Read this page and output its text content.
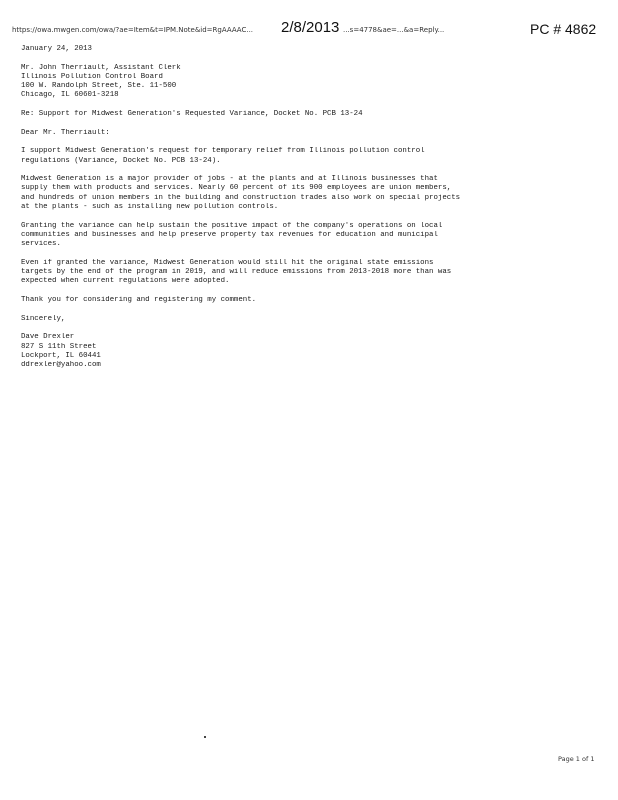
https://owa.mwgen.com/owa/?ae=Item&t=IPM.Note&id=RgAAAAC...	2/8/2013 ...s=4778&ae=...&a=Reply...	PC # 4862
January 24, 2013
Mr. John Therriault, Assistant Clerk
Illinois Pollution Control Board
100 W. Randolph Street, Ste. 11-500
Chicago, IL 60601-3218
Re: Support for Midwest Generation's Requested Variance, Docket No. PCB 13-24
Dear Mr. Therriault:
I support Midwest Generation's request for temporary relief from Illinois pollution control
regulations (Variance, Docket No. PCB 13-24).
Midwest Generation is a major provider of jobs - at the plants and at Illinois businesses that
supply them with products and services. Nearly 60 percent of its 900 employees are union members,
and hundreds of union members in the building and construction trades also work on special projects
at the plants - such as installing new pollution controls.
Granting the variance can help sustain the positive impact of the company's operations on local
communities and businesses and help preserve property tax revenues for education and municipal
services.
Even if granted the variance, Midwest Generation would still hit the original state emissions
targets by the end of the program in 2019, and will reduce emissions from 2013-2018 more than was
expected when current regulations were adopted.
Thank you for considering and registering my comment.
Sincerely,
Dave Drexler
827 S 11th Street
Lockport, IL 60441
ddrexler@yahoo.com
Page 1 of 1
